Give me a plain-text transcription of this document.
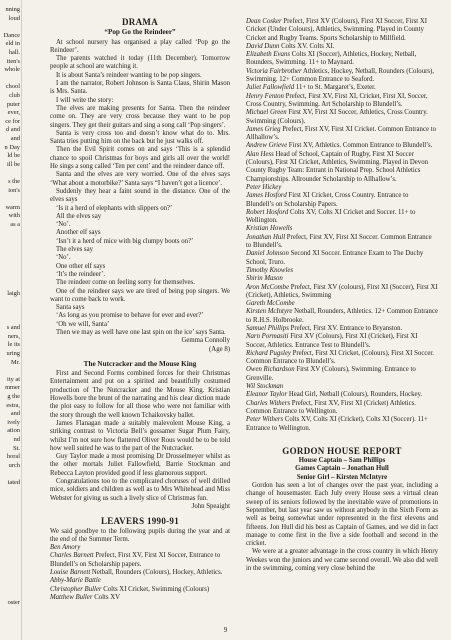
nning
loud
Dance
eld in
hall.
tten's
whole
chool
club
puter
ever,
ce for
d and
and
n Day
ld be
ill be
s the
ion's
warm
with
as a
laigh
s and
ners,
le its
uring
Mr.
ity at
mmer
g the
estra,
and
ively
ation
nd
St.
horal
urch
iated
oster
DRAMA
“Pop Go the Reindeer”
At school nursery has organised a play called ‘Pop go the Reindeer’.
The parents watched it today (11th December). Tomorrow people at school are watching it.
It is about Santa’s reindeer wanting to be pop singers.
I am the narrator, Robert Johnson is Santa Claus, Shirin Mason is Mrs. Santa.
I will write the story:
The elves are making presents for Santa. Then the reindeer come on. They are very cross because they want to be pop singers. They get their guitars and sing a song call ‘Pop singers’.
Santa is very cross too and doesn’t know what do to. Mrs. Santa tries putting him on the back but he just walks off.
Then the Evil Spirit comes on and says ‘This is a splendid chance to spoil Christmas for boys and girls all over the world! He sings a song called ‘Ten per cent’ and the reindeer dance off.
Santa and the elves are very worried. One of the elves says ‘What about a motorbike?’ Santa says “I haven’t got a licence’.
Suddenly they hear a faint sound in the distance. One of the elves says
‘Is it a herd of elephants with slippers on?’
All the elves say
‘No’.
Another elf says
‘Isn’t it a herd of mice with big clumpy boots on?’
The elves say
‘No’.
One other elf says
‘It’s the reindeer’.
The reindeer come on feeling sorry for themselves.
One of the reindeer says we are tired of being pop singers. We want to come back to work.
Santa says
‘As long as you promise to behave for ever and ever?’
‘Oh we will, Santa’
Then we may as well have one last spin on the ice’ says Santa.
Gemma Connolly
(Age 8)
The Nutcracker and the Mouse King
First and Second Forms combined forces for their Christmas Entertainment and put on a spirited and beautifully costumed production of The Nutcracker and the Mouse King. Kristian Howells bore the brunt of the narrating and his clear diction made the plot easy to follow for all those who were not familiar with the story through the well known Tchaikovsky ballet.
James Flanagan made a suitably malevolent Mouse King, a striking contrast to Victoria Bell’s gossamer Sugar Plum Fairy, whilst I’m not sure how flattered Oliver Rous would be to be told how well suited he was to the part of the Nutcracker.
Guy Taylor made a most promising Dr Drosselmeyer whilst as the other mortals Juliet Fallowfield, Barrie Stockman and Rebecca Layton provided good if less glamorous support.
Congratulations too to the complicated choruses of well drilled mice, soldiers and children as well as to Mrs Whitehead and Miss Webster for giving us such a lively slice of Christmas fun.
John Speaight
LEAVERS 1990-91
We said goodbye to the following pupils during the year and at the end of the Summer Term.
Ben Amory
Charles Barnett Prefect, First XV, First XI Soccer, Entrance to Blundell’s on Scholarship papers.
Louise Barnett Netball, Rounders (Colours), Hockey, Athletics.
Abby-Marie Battle
Christopher Buller Colts XI Cricket, Swimming (Colours)
Matthew Buller Colts XV
Dean Cosker Prefect, First XV (Colours), First XI Soccer, First XI Cricket (Under Colours), Athletics, Swimming. Played in County Cricket and Rugby Teams. Sports Scholarship to Millfield.
David Dunn Colts XV. Colts XI.
Elizabeth Evans Colts XI (Soccer), Athletics, Hockey, Netball, Rounders, Swimming. 11+ to Maynard.
Victoria Fairbrother Athletics, Hockey, Netball, Rounders (Colours), Swimming. 12+ Common Entrance to Seaford.
Juliet Fallowfield 11+ to St. Margaret’s, Exeter.
Henry Fenton Prefect, First XV, First XI, Cricket, First XI, Soccer, Cross Country, Swimming. Art Scholarship to Blundell’s.
Michael Green First XV, First XI Soccer, Athletics, Cross Country. Swimming (Colours).
James Grieg Prefect, First XV, First XI Cricket. Common Entrance to Allhallow’s.
Andrew Grieve First XV, Athletics. Common Entrance to Blundell’s.
Alan Hess Head of School, Captain of Rugby, First XI Soccer (Colours), First XI Cricket, Athletics, Swimming. Played in Devon County Rugby Team: Entrant in National Prep. School Athletics Championships. Allrounder Scholarship to Allhallow’s.
Peter Hickey
James Hosford First XI Cricket, Cross Country. Entrance to Blundell’s on Scholarship Papers.
Robert Hosford Colts XV, Colts XI Cricket and Soccer. 11+ to Wellington.
Kristian Howells
Jonathan Hull Prefect, First XV, First XI Soccer. Common Entrance to Blundell’s.
Daniel Johnson Second XI Soccer. Entrance Exam to The Duchy School, Truro.
Timothy Knowles
Shirin Mason
Aron McCombe Prefect, First XV (colours), First XI (Soccer), First XI (Cricket), Athletics, Swimming
Gareth McCombe
Kirsten McIntyre Netball, Rounders, Athletics. 12+ Common Entrance to R.H.S. Holbrooke.
Samuel Phillips Prefect, First XV. Entrance to Bryanston.
Narn Pormasiti First XV (Colours), First XI (Cricket), First XI Soccer, Athletics. Entrance Test to Blundell’s.
Richard Pugsley Prefect, First XI Cricket, (Colours), First XI Soccer. Common Entrance to Blundell’s.
Owen Richardson First XV (Colours), Swimming. Entrance to Grenville.
Wil Stockman
Eleanor Taylor Head Girl, Netball (Colours), Rounders, Hockey.
Charles Withers Prefect, First XV, First XI (Cricket) Athletics. Common Entrance to Wellington.
Peter Withers Colts XV, Colts XI (Cricket), Colts XI (Soccer). 11+ Entrance to Wellington.
GORDON HOUSE REPORT
House Captain – Sam Phillips
Games Captain – Jonathan Hull
Senior Girl – Kirsten McIntyre
Gordon has seen a lot of changes over the past year, including a change of housemaster. Each July every House sees a virtual clean sweep of its seniors followed by the inevitable wave of promotions in September, but last year saw us without anybody in the Sixth Form as well as being somewhat under represented in the first elevens and fifteens. Jon Hull did his best as Captain of Games, and we did in fact manage to come first in the five a side football and second in the cricket.
We were at a greater advantage in the cross country in which Henry Weekes won the juniors and we came second overall. We also did well in the swimming, coming very close behind the
9
